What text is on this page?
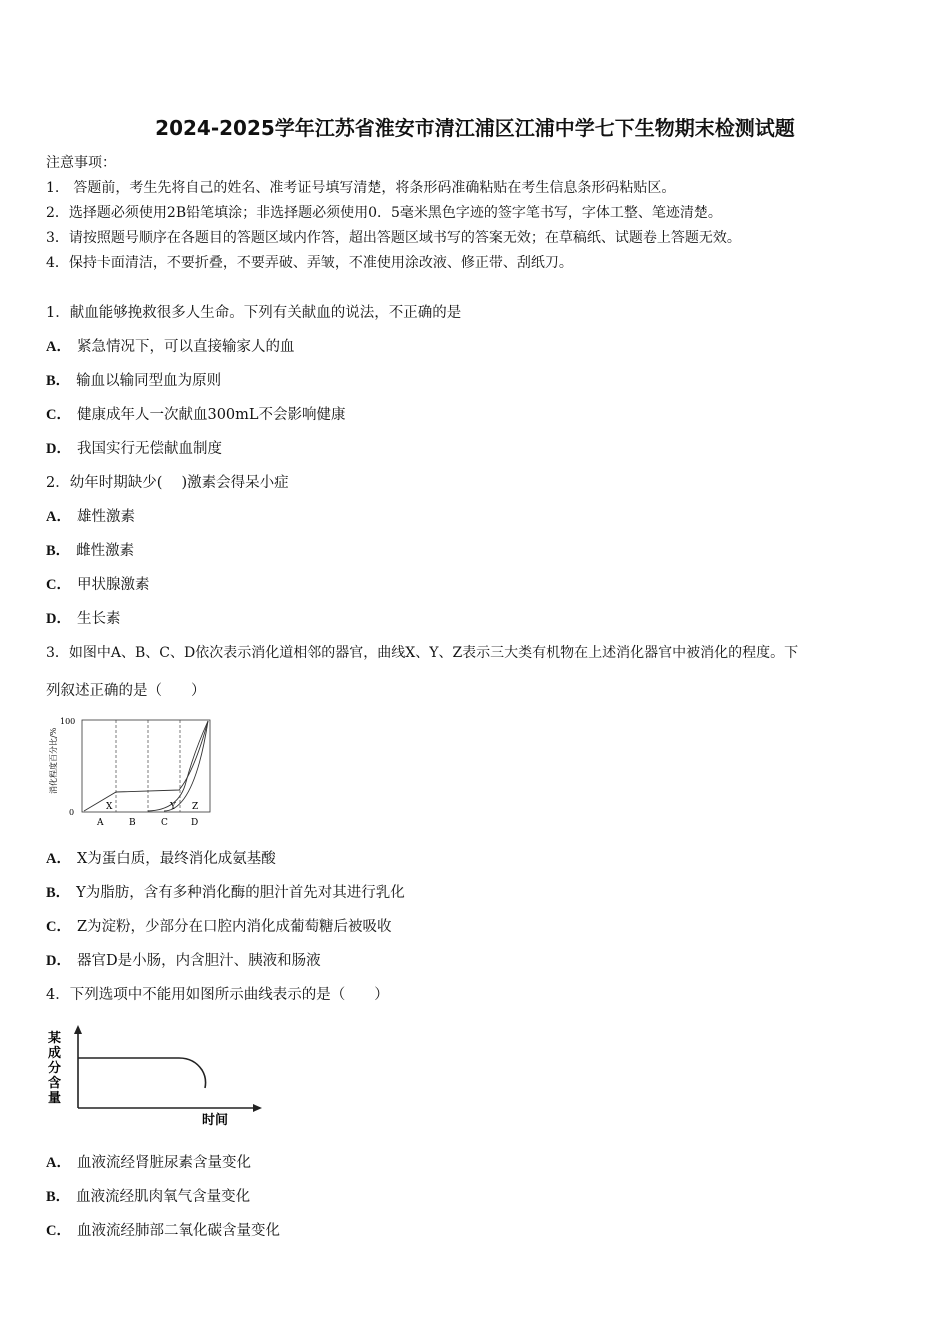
2024-2025学年江苏省淮安市清江浦区江浦中学七下生物期末检测试题
注意事项：
1.　答题前，考生先将自己的姓名、准考证号填写清楚，将条形码准确粘贴在考生信息条形码粘贴区。
2．选择题必须使用2B铅笔填涂；非选择题必须使用0．5毫米黑色字迹的签字笔书写，字体工整、笔迹清楚。
3．请按照题号顺序在各题目的答题区域内作答，超出答题区域书写的答案无效；在草稿纸、试题卷上答题无效。
4．保持卡面清洁，不要折叠，不要弄破、弄皱，不准使用涂改液、修正带、刮纸刀。
1．献血能够挽救很多人生命。下列有关献血的说法，不正确的是
A． 紧急情况下，可以直接输家人的血
B． 输血以输同型血为原则
C． 健康成年人一次献血300mL不会影响健康
D． 我国实行无偿献血制度
2．幼年时期缺少(　 )激素会得呆小症
A． 雄性激素
B． 雌性激素
C． 甲状腺激素
D． 生长素
3．如图中A、B、C、D依次表示消化道相邻的器官，曲线X、Y、Z表示三大类有机物在上述消化器官中被消化的程度。下
列叙述正确的是（　　）
消化程度百分比/%
100
0
X	Y Z
A	B	C	D
A． X为蛋白质，最终消化成氨基酸
B． Y为脂肪，含有多种消化酶的胆汁首先对其进行乳化
C． Z为淀粉，少部分在口腔内消化成葡萄糖后被吸收
D． 器官D是小肠，内含胆汁、胰液和肠液
4．下列选项中不能用如图所示曲线表示的是（　　）
某 成 分 含 量
时间
A． 血液流经肾脏尿素含量变化
B． 血液流经肌肉氧气含量变化
C． 血液流经肺部二氧化碳含量变化
